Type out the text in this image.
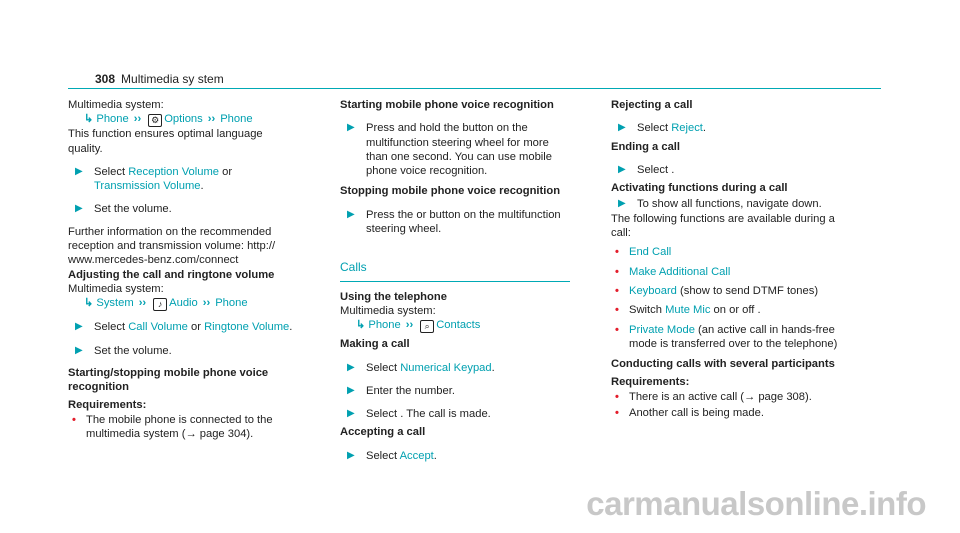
308 Multimedia sy stem
Multimedia system:
↳ Phone ›› ⚙ Options ›› Phone
This function ensures optimal language quality.
▶ Select Reception Volume or Transmission Volume.
▶ Set the volume.
Further information on the recommended reception and transmission volume: http:// www.mercedes-benz.com/connect
Adjusting the call and ringtone volume
Multimedia system:
↳ System ›› ♪ Audio ›› Phone
▶ Select Call Volume or Ringtone Volume.
▶ Set the volume.
Starting/stopping mobile phone voice recognition
Requirements:
• The mobile phone is connected to the multimedia system (→ page 304).
Starting mobile phone voice recognition
▶ Press and hold the button on the multifunction steering wheel for more than one second. You can use mobile phone voice recognition.
Stopping mobile phone voice recognition
▶ Press the or button on the multifunction steering wheel.
Calls
Using the telephone
Multimedia system:
↳ Phone ›› ⌕ Contacts
Making a call
▶ Select Numerical Keypad.
▶ Enter the number.
▶ Select . The call is made.
Accepting a call
▶ Select Accept.
Rejecting a call
▶ Select Reject.
Ending a call
▶ Select .
Activating functions during a call
▶ To show all functions, navigate down.
The following functions are available during a call:
• End Call
• Make Additional Call
• Keyboard (show to send DTMF tones)
• Switch Mute Mic on or off .
• Private Mode (an active call in hands-free mode is transferred over to the telephone)
Conducting calls with several participants
Requirements:
• There is an active call (→ page 308).
• Another call is being made.
carmanualsonline.info
